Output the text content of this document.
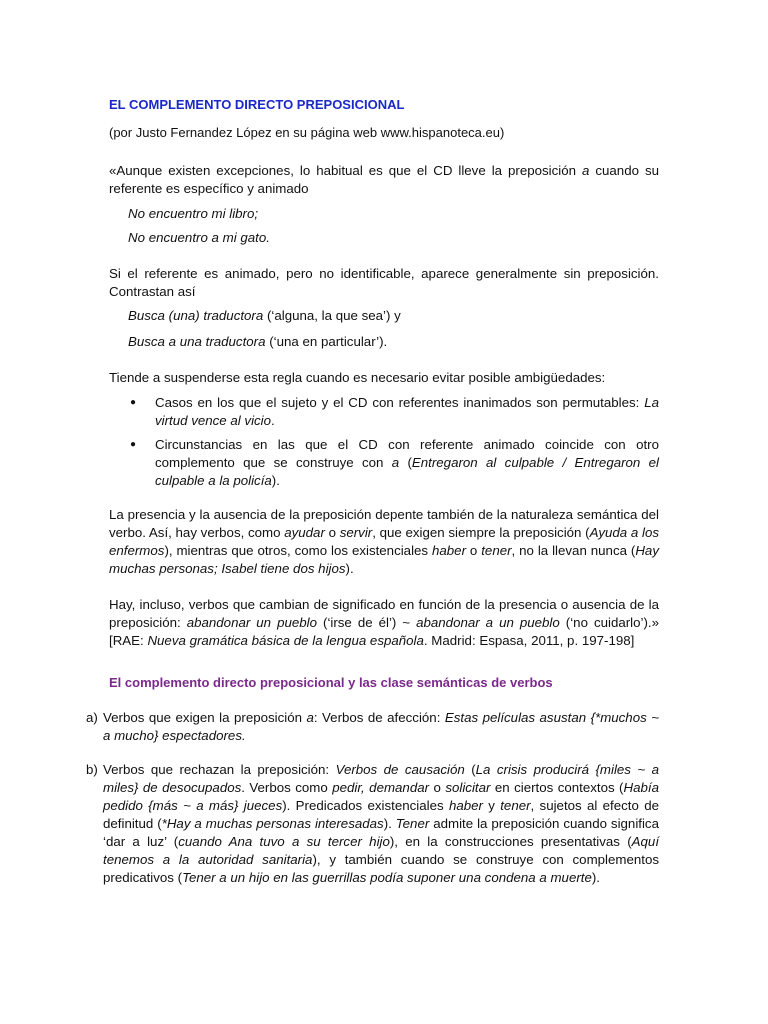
EL COMPLEMENTO DIRECTO PREPOSICIONAL
(por Justo Fernandez López en su página web www.hispanoteca.eu)

«Aunque existen excepciones, lo habitual es que el CD lleve la preposición a cuando su referente es específico y animado

No encuentro mi libro;
No encuentro a mi gato.

Si el referente es animado, pero no identificable, aparece generalmente sin preposición. Contrastan así

Busca (una) traductora (‘alguna, la que sea’) y
Busca a una traductora (‘una en particular’).

Tiende a suspenderse esta regla cuando es necesario evitar posible ambigüedades:

● Casos en los que el sujeto y el CD con referentes inanimados son permutables: La virtud vence al vicio.

● Circunstancias en las que el CD con referente animado coincide con otro complemento que se construye con a (Entregaron al culpable / Entregaron el culpable a la policía).

La presencia y la ausencia de la preposición depente también de la naturaleza semántica del verbo. Así, hay verbos, como ayudar o servir, que exigen siempre la preposición (Ayuda a los enfermos), mientras que otros, como los existenciales haber o tener, no la llevan nunca (Hay muchas personas; Isabel tiene dos hijos).

Hay, incluso, verbos que cambian de significado en función de la presencia o ausencia de la preposición: abandonar un pueblo (‘irse de él’) ~ abandonar a un pueblo (‘no cuidarlo’).» [RAE: Nueva gramática básica de la lengua española. Madrid: Espasa, 2011, p. 197-198]

El complemento directo preposicional y las clase semánticas de verbos
a) Verbos que exigen la preposición a: Verbos de afección: Estas películas asustan {*muchos ~ a mucho} espectadores.

b) Verbos que rechazan la preposición: Verbos de causación (La crisis producirá {miles ~ a miles} de desocupados. Verbos como pedir, demandar o solicitar en ciertos contextos (Había pedido {más ~ a más} jueces). Predicados existenciales haber y tener, sujetos al efecto de definitud (*Hay a muchas personas interesadas). Tener admite la preposición cuando significa ‘dar a luz’ (cuando Ana tuvo a su tercer hijo), en la construcciones presentativas (Aquí tenemos a la autoridad sanitaria), y también cuando se construye con complementos predicativos (Tener a un hijo en las guerrillas podía suponer una condena a muerte).
